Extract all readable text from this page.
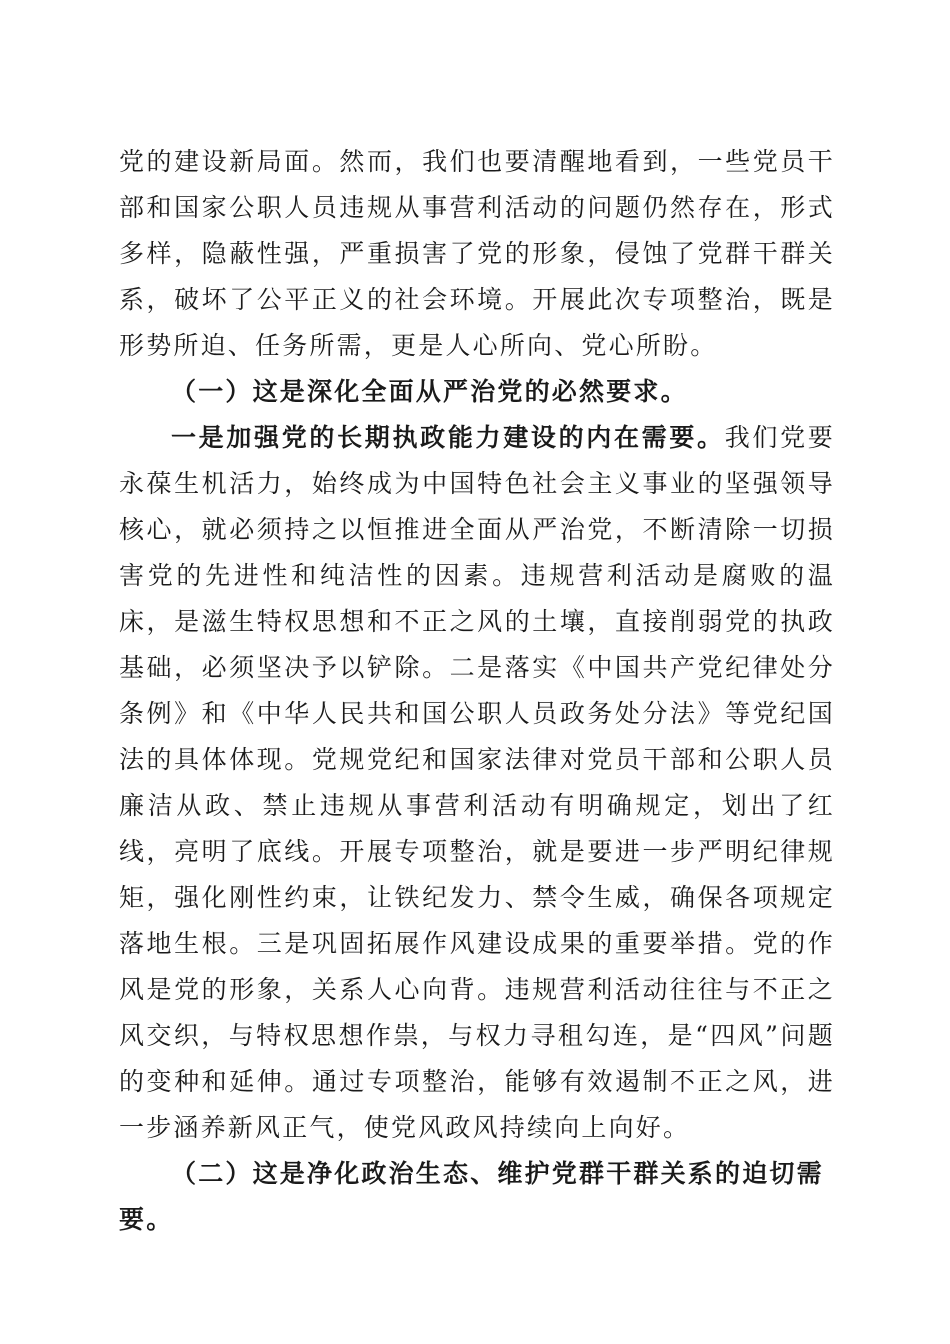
党的建设新局面。然而，我们也要清醒地看到，一些党员干部和国家公职人员违规从事营利活动的问题仍然存在，形式多样，隐蔽性强，严重损害了党的形象，侵蚀了党群干群关系，破坏了公平正义的社会环境。开展此次专项整治，既是形势所迫、任务所需，更是人心所向、党心所盼。

（一）这是深化全面从严治党的必然要求。

一是加强党的长期执政能力建设的内在需要。我们党要永葆生机活力，始终成为中国特色社会主义事业的坚强领导核心，就必须持之以恒推进全面从严治党，不断清除一切损害党的先进性和纯洁性的因素。违规营利活动是腐败的温床，是滋生特权思想和不正之风的土壤，直接削弱党的执政基础，必须坚决予以铲除。二是落实《中国共产党纪律处分条例》和《中华人民共和国公职人员政务处分法》等党纪国法的具体体现。党规党纪和国家法律对党员干部和公职人员廉洁从政、禁止违规从事营利活动有明确规定，划出了红线，亮明了底线。开展专项整治，就是要进一步严明纪律规矩，强化刚性约束，让铁纪发力、禁令生威，确保各项规定落地生根。三是巩固拓展作风建设成果的重要举措。党的作风是党的形象，关系人心向背。违规营利活动往往与不正之风交织，与特权思想作祟，与权力寻租勾连，是“四风”问题的变种和延伸。通过专项整治，能够有效遏制不正之风，进一步涵养新风正气，使党风政风持续向上向好。

（二）这是净化政治生态、维护党群干群关系的迫切需要。
